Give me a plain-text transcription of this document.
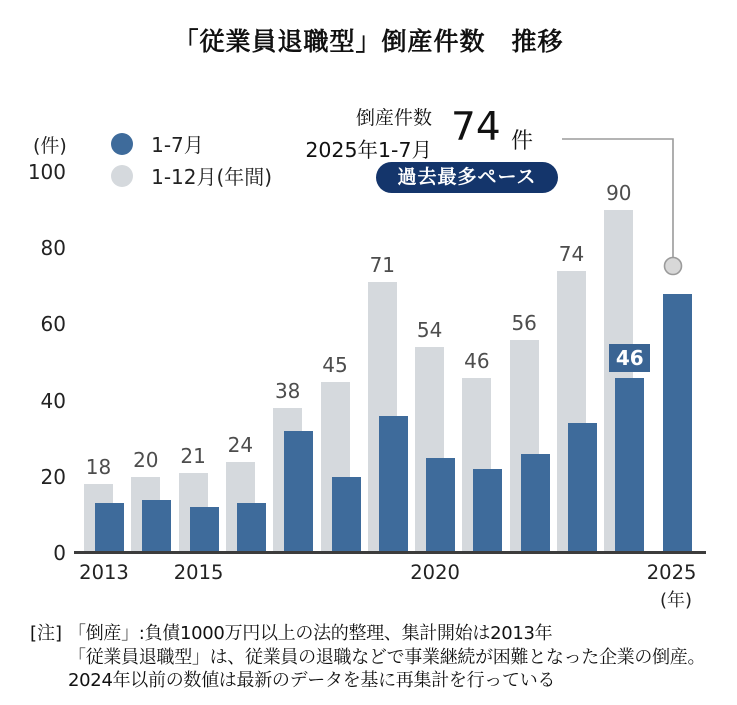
「従業員退職型」倒産件数　推移
(件)	1-7月
1-12月(年間)
倒産件数
2025年1-7月 74 件
過去最多ペース
100
80
60
40
20
0
18	20	21	24
38
45
71
54
46
56
74
90
46
2013	2015	2020	2025
(年)
[注] 「倒産」:負債1000万円以上の法的整理、集計開始は2013年
「従業員退職型」は、従業員の退職などで事業継続が困難となった企業の倒産。
2024年以前の数値は最新のデータを基に再集計を行っている
